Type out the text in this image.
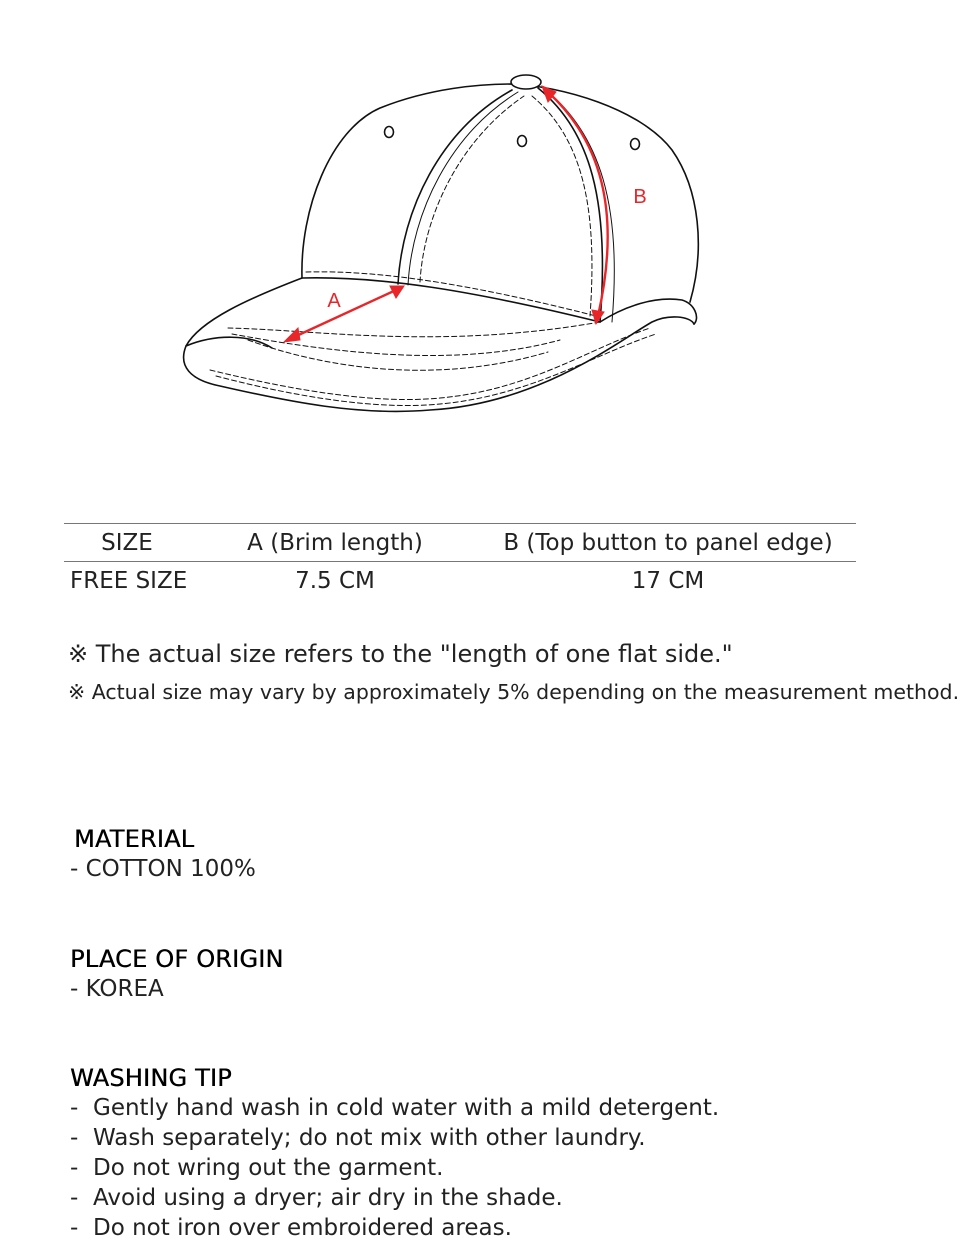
A
B
SIZE	A (Brim length)	B (Top button to panel edge)
FREE SIZE	7.5 CM	17 CM

※ The actual size refers to the "length of one flat side."

※ Actual size may vary by approximately 5% depending on the measurement method.

MATERIAL

- COTTON 100%

PLACE OF ORIGIN

- KOREA

WASHING TIP
- Gently hand wash in cold water with a mild detergent.
- Wash separately; do not mix with other laundry.
- Do not wring out the garment.
- Avoid using a dryer; air dry in the shade.
- Do not iron over embroidered areas.
